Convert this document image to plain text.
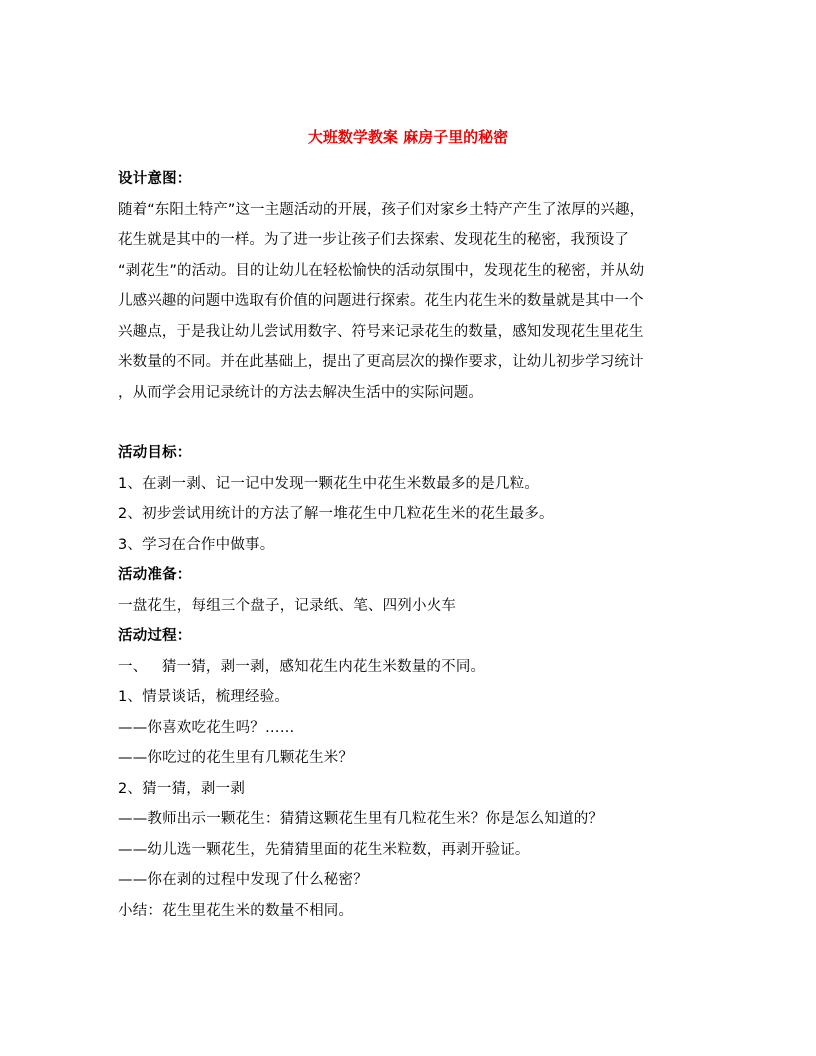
大班数学教案 麻房子里的秘密
设计意图：
随着“东阳土特产”这一主题活动的开展，孩子们对家乡土特产产生了浓厚的兴趣，
花生就是其中的一样。为了进一步让孩子们去探索、发现花生的秘密，我预设了
“剥花生”的活动。目的让幼儿在轻松愉快的活动氛围中，发现花生的秘密，并从幼
儿感兴趣的问题中选取有价值的问题进行探索。花生内花生米的数量就是其中一个
兴趣点，于是我让幼儿尝试用数字、符号来记录花生的数量，感知发现花生里花生
米数量的不同。并在此基础上，提出了更高层次的操作要求，让幼儿初步学习统计
，从而学会用记录统计的方法去解决生活中的实际问题。
活动目标：
1、在剥一剥、记一记中发现一颗花生中花生米数最多的是几粒。
2、初步尝试用统计的方法了解一堆花生中几粒花生米的花生最多。
3、学习在合作中做事。
活动准备：
一盘花生，每组三个盘子，记录纸、笔、四列小火车
活动过程：
一、   猜一猜，剥一剥，感知花生内花生米数量的不同。
1、情景谈话，梳理经验。
——你喜欢吃花生吗？……
——你吃过的花生里有几颗花生米？
2、猜一猜，剥一剥
——教师出示一颗花生：猜猜这颗花生里有几粒花生米？你是怎么知道的？
——幼儿选一颗花生，先猜猜里面的花生米粒数，再剥开验证。
——你在剥的过程中发现了什么秘密？
小结：花生里花生米的数量不相同。
